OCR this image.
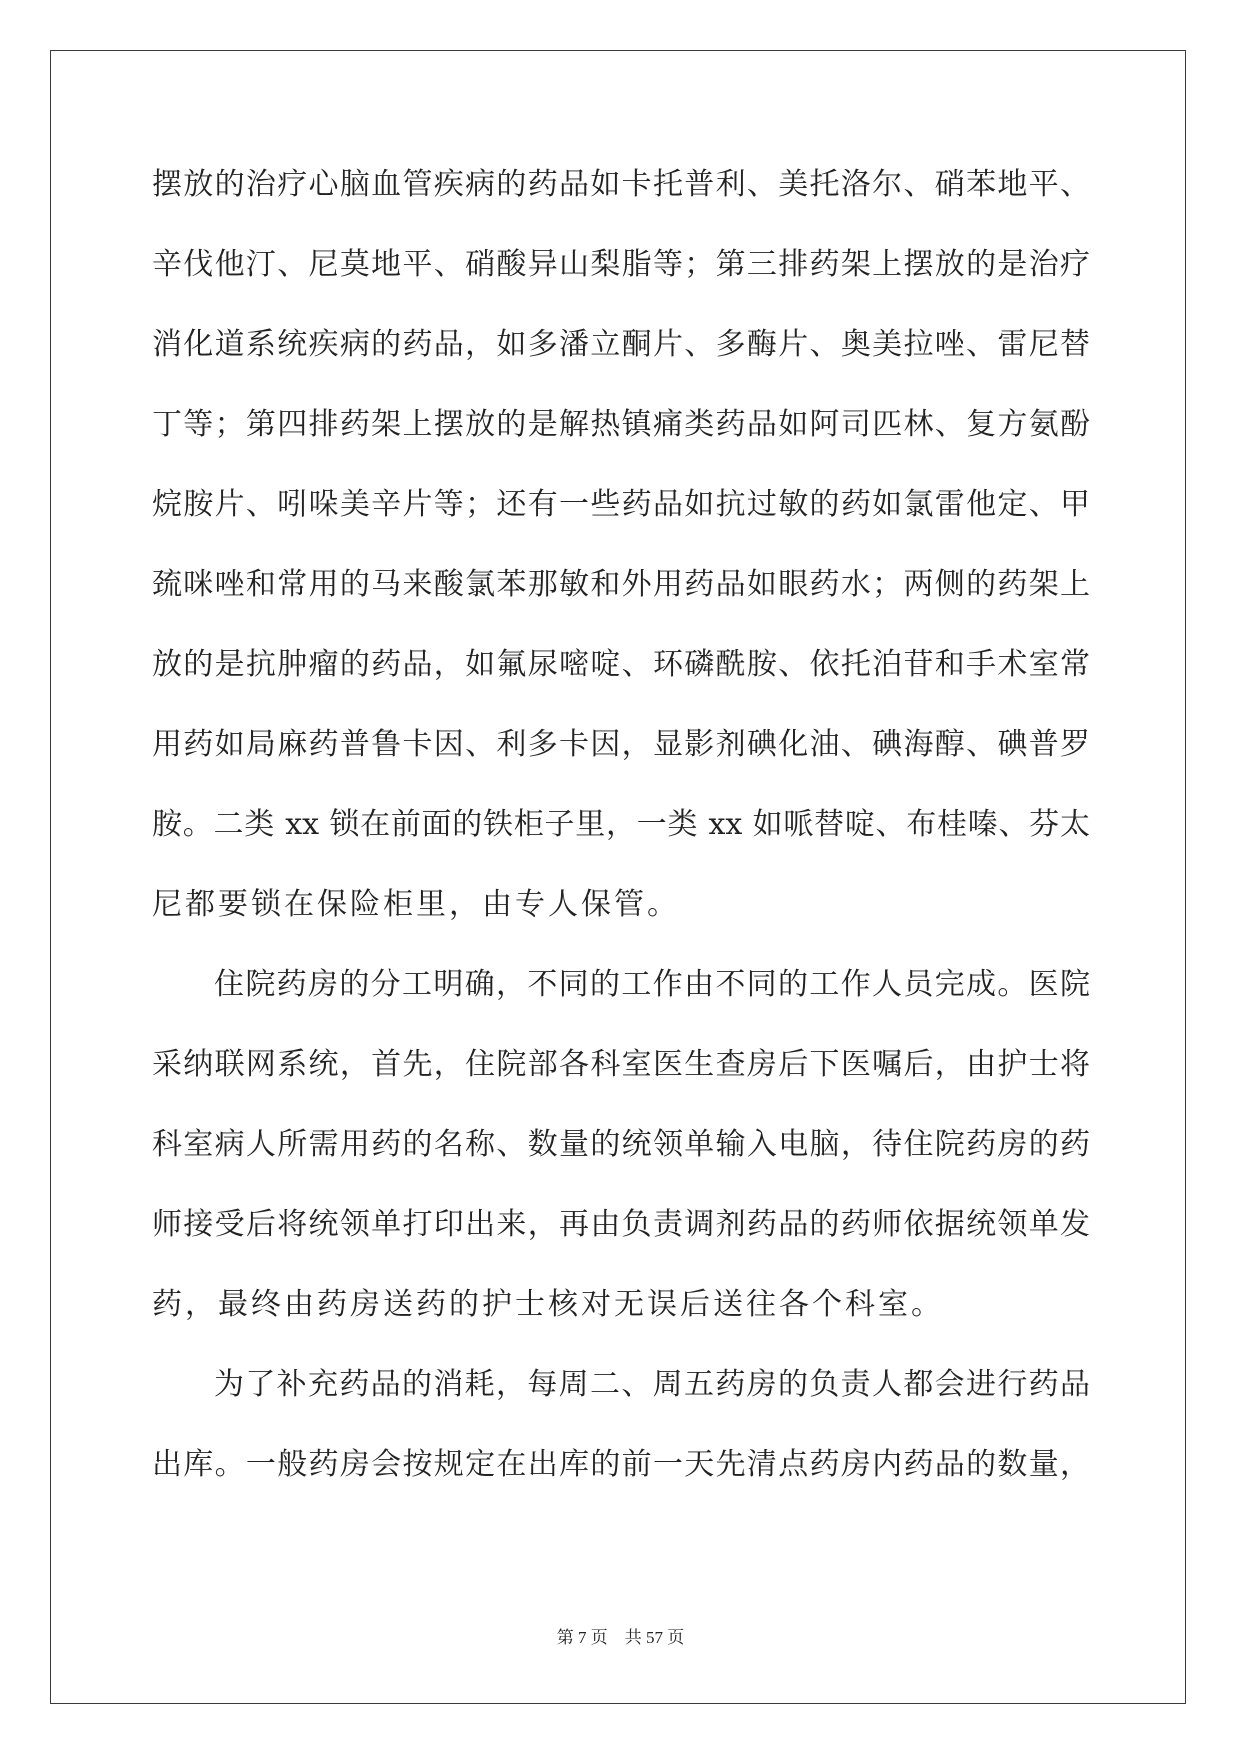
摆放的治疗心脑血管疾病的药品如卡托普利、美托洛尔、硝苯地平、
辛伐他汀、尼莫地平、硝酸异山梨脂等；第三排药架上摆放的是治疗
消化道系统疾病的药品，如多潘立酮片、多酶片、奥美拉唑、雷尼替
丁等；第四排药架上摆放的是解热镇痛类药品如阿司匹林、复方氨酚
烷胺片、吲哚美辛片等；还有一些药品如抗过敏的药如氯雷他定、甲
巯咪唑和常用的马来酸氯苯那敏和外用药品如眼药水；两侧的药架上
放的是抗肿瘤的药品，如氟尿嘧啶、环磷酰胺、依托泊苷和手术室常
用药如局麻药普鲁卡因、利多卡因，显影剂碘化油、碘海醇、碘普罗
胺。二类 xx 锁在前面的铁柜子里，一类 xx 如哌替啶、布桂嗪、芬太
尼都要锁在保险柜里，由专人保管。
住院药房的分工明确，不同的工作由不同的工作人员完成。医院
采纳联网系统，首先，住院部各科室医生查房后下医嘱后，由护士将
科室病人所需用药的名称、数量的统领单输入电脑，待住院药房的药
师接受后将统领单打印出来，再由负责调剂药品的药师依据统领单发
药，最终由药房送药的护士核对无误后送往各个科室。
为了补充药品的消耗，每周二、周五药房的负责人都会进行药品
出库。一般药房会按规定在出库的前一天先清点药房内药品的数量，
第 7 页    共 57 页
